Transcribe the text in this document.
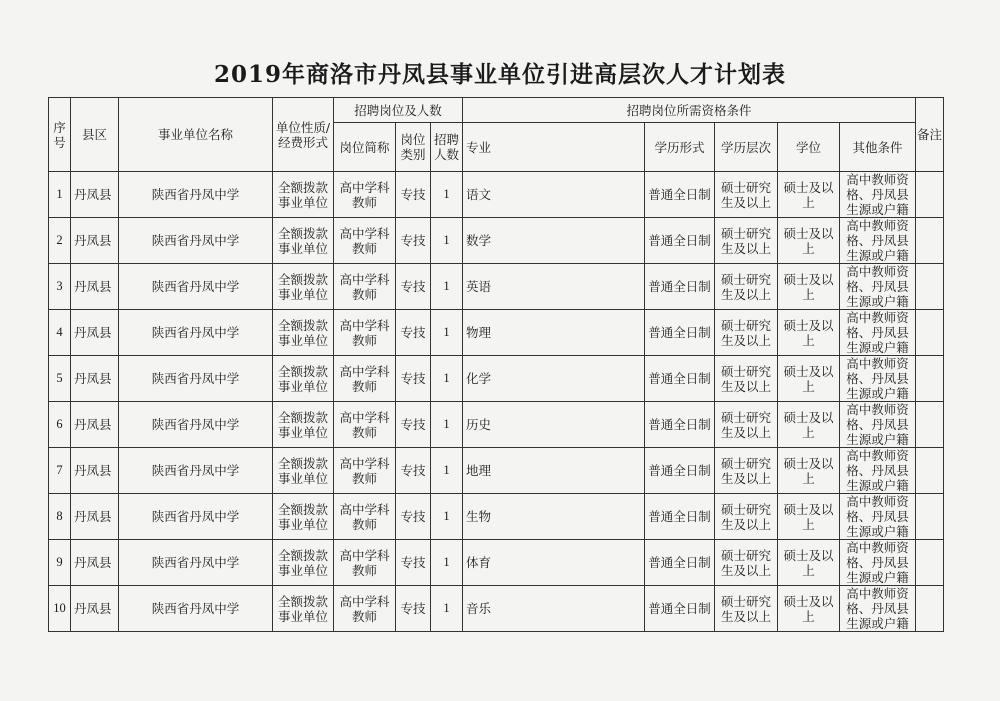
2019年商洛市丹凤县事业单位引进高层次人才计划表
序号	县区	事业单位名称	单位性质/经费形式	招聘岗位及人数			招聘岗位所需资格条件					备注
				岗位简称	岗位类别	招聘人数	专业	学历形式	学历层次	学位	其他条件	
1	丹凤县	陕西省丹凤中学	全额拨款事业单位	高中学科教师	专技	1	语文	普通全日制	硕士研究生及以上	硕士及以上	高中教师资格、丹凤县生源或户籍	
2	丹凤县	陕西省丹凤中学	全额拨款事业单位	高中学科教师	专技	1	数学	普通全日制	硕士研究生及以上	硕士及以上	高中教师资格、丹凤县生源或户籍	
3	丹凤县	陕西省丹凤中学	全额拨款事业单位	高中学科教师	专技	1	英语	普通全日制	硕士研究生及以上	硕士及以上	高中教师资格、丹凤县生源或户籍	
4	丹凤县	陕西省丹凤中学	全额拨款事业单位	高中学科教师	专技	1	物理	普通全日制	硕士研究生及以上	硕士及以上	高中教师资格、丹凤县生源或户籍	
5	丹凤县	陕西省丹凤中学	全额拨款事业单位	高中学科教师	专技	1	化学	普通全日制	硕士研究生及以上	硕士及以上	高中教师资格、丹凤县生源或户籍	
6	丹凤县	陕西省丹凤中学	全额拨款事业单位	高中学科教师	专技	1	历史	普通全日制	硕士研究生及以上	硕士及以上	高中教师资格、丹凤县生源或户籍	
7	丹凤县	陕西省丹凤中学	全额拨款事业单位	高中学科教师	专技	1	地理	普通全日制	硕士研究生及以上	硕士及以上	高中教师资格、丹凤县生源或户籍	
8	丹凤县	陕西省丹凤中学	全额拨款事业单位	高中学科教师	专技	1	生物	普通全日制	硕士研究生及以上	硕士及以上	高中教师资格、丹凤县生源或户籍	
9	丹凤县	陕西省丹凤中学	全额拨款事业单位	高中学科教师	专技	1	体育	普通全日制	硕士研究生及以上	硕士及以上	高中教师资格、丹凤县生源或户籍	
10	丹凤县	陕西省丹凤中学	全额拨款事业单位	高中学科教师	专技	1	音乐	普通全日制	硕士研究生及以上	硕士及以上	高中教师资格、丹凤县生源或户籍	
